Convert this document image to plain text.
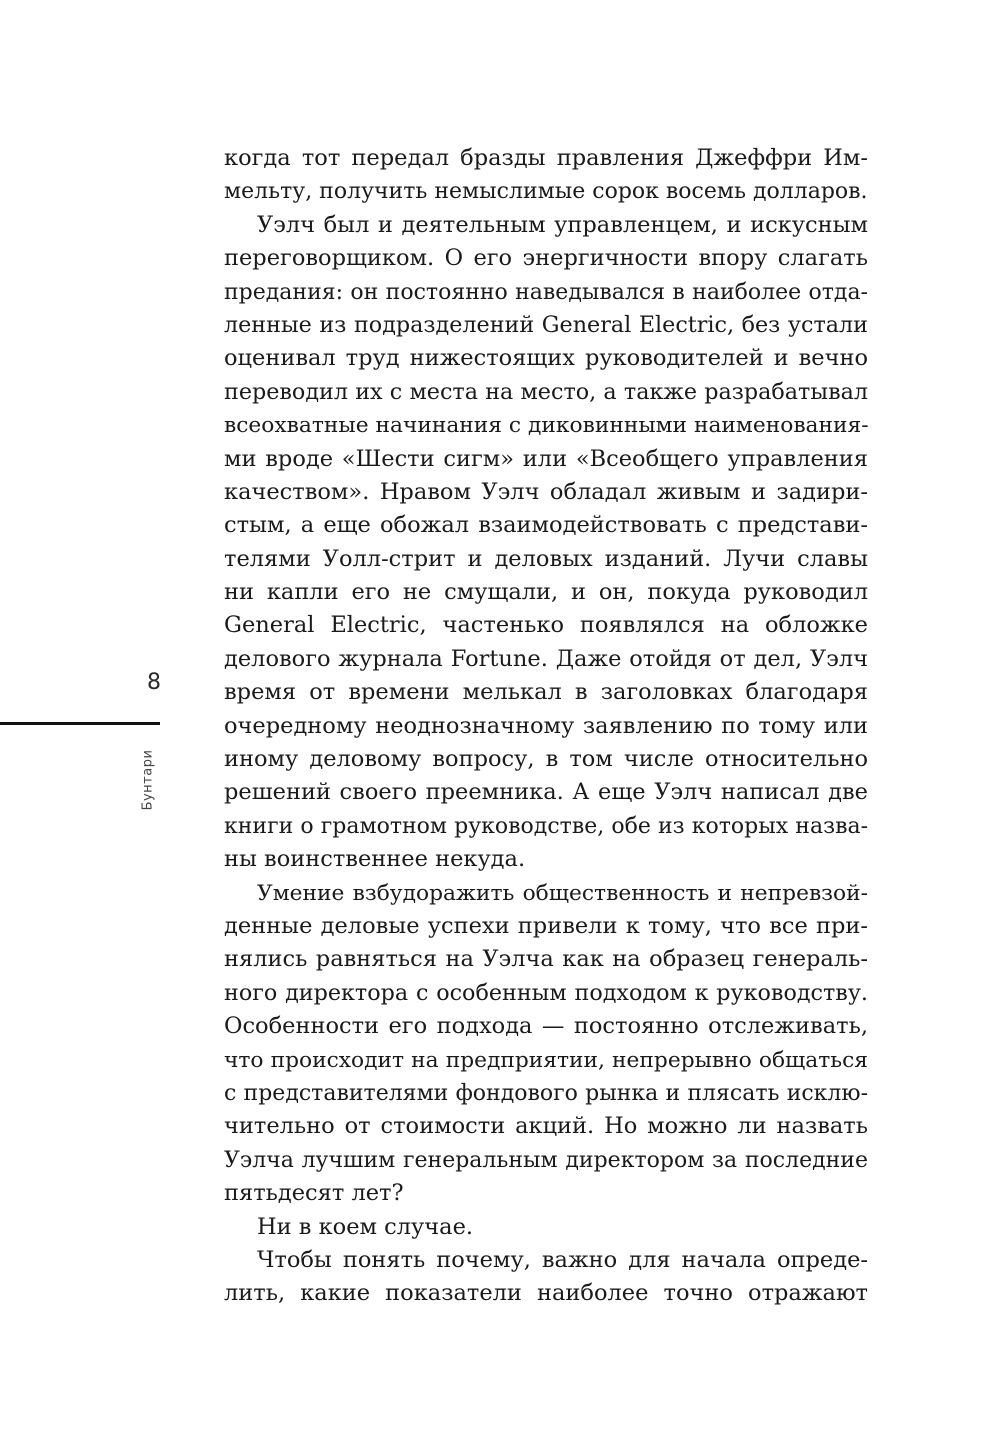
когда тот передал бразды правления Джеффри Им-
мельту, получить немыслимые сорок восемь долларов.
Уэлч был и деятельным управленцем, и искусным
переговорщиком. О его энергичности впору слагать
предания: он постоянно наведывался в наиболее отда-
ленные из подразделений General Electric, без устали
оценивал труд нижестоящих руководителей и вечно
переводил их с места на место, а также разрабатывал
всеохватные начинания с диковинными наименования-
ми вроде «Шести сигм» или «Всеобщего управления
качеством». Нравом Уэлч обладал живым и задири-
стым, а еще обожал взаимодействовать с представи-
телями Уолл-стрит и деловых изданий. Лучи славы
ни капли его не смущали, и он, покуда руководил
General Electric, частенько появлялся на обложке
делового журнала Fortune. Даже отойдя от дел, Уэлч
время от времени мелькал в заголовках благодаря
очередному неоднозначному заявлению по тому или
иному деловому вопросу, в том числе относительно
решений своего преемника. А еще Уэлч написал две
книги о грамотном руководстве, обе из которых назва-
ны воинственнее некуда.
Умение взбудоражить общественность и непревзой-
денные деловые успехи привели к тому, что все при-
нялись равняться на Уэлча как на образец генераль-
ного директора с особенным подходом к руководству.
Особенности его подхода — постоянно отслеживать,
что происходит на предприятии, непрерывно общаться
с представителями фондового рынка и плясать исклю-
чительно от стоимости акций. Но можно ли назвать
Уэлча лучшим генеральным директором за последние
пятьдесят лет?
Ни в коем случае.
Чтобы понять почему, важно для начала опреде-
лить, какие показатели наиболее точно отражают
8
Бунтари
